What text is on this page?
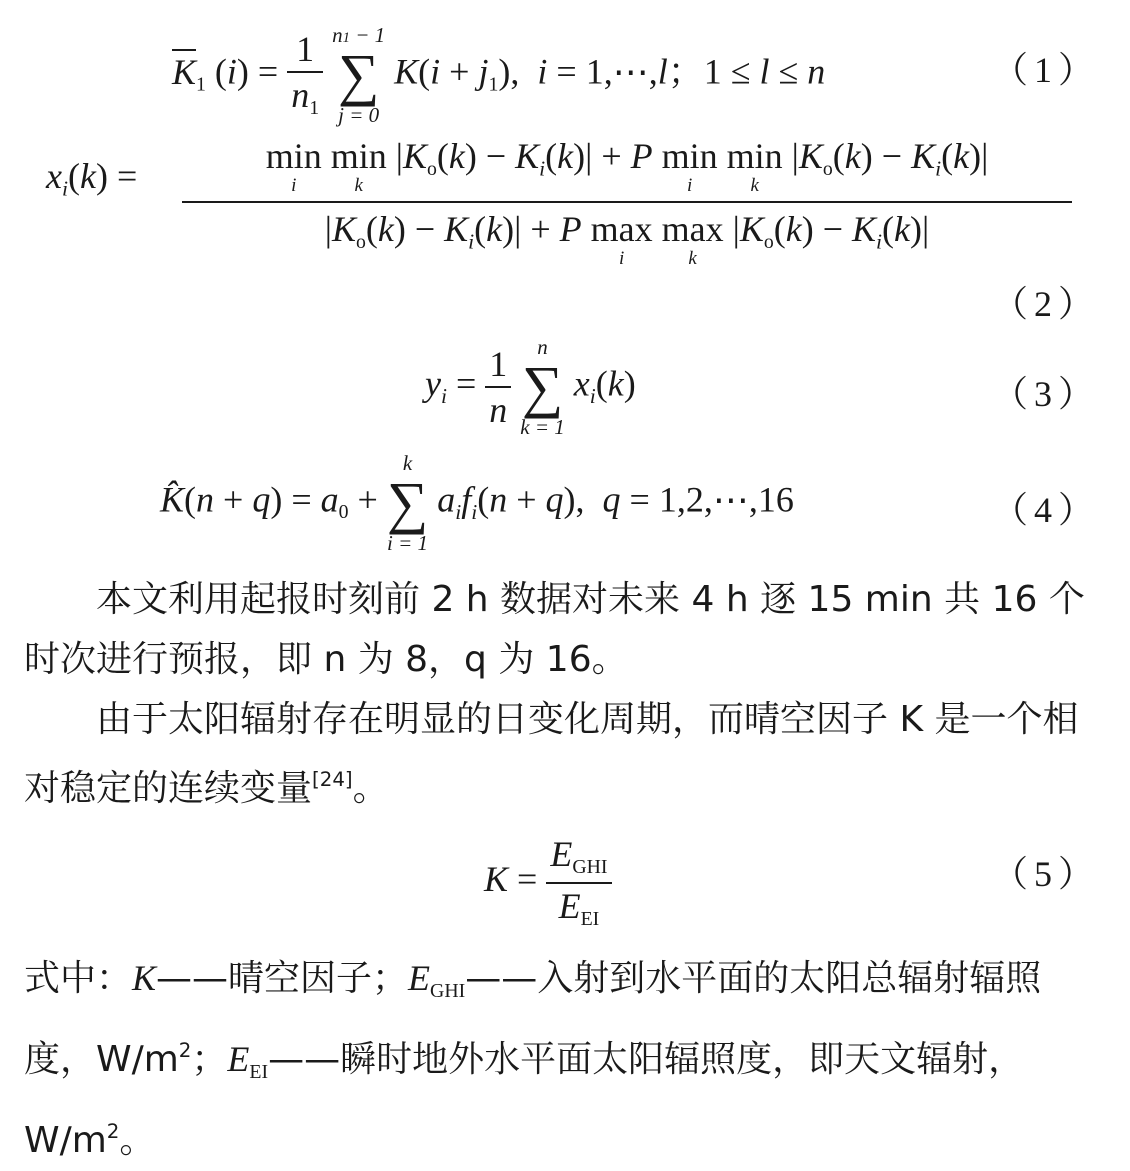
$K_1$ $(i) = \frac{1}{n_1}$
n1 − 1
∑
j = 0
$K(i + j_1)$,  i = 1,⋯,l；1 ≤ l ≤ n	（1）
$x_i(k)$ =	min
i
min
k
$|K_o(k) - K_i(k)| + P$ min
i
min
k
$|K_o(k) - K_i(k)|$
$|K_o(k) - K_i(k)| + P$ max
i
max
k
$|K_o(k) - K_i(k)|$
（2）
$y_i = \frac{1}{n}$
n
∑
k = 1
$x_i(k)$	（3）
K̂(n + $q) = a_0$ +
k
∑
i = 1
$a_if_i(n + q)$,  q = 1,2,⋯,16	（4）

本文利用起报时刻前 2 h 数据对未来 4 h 逐 15 min 共 16 个时次进行预报，即 n 为 8，q 为 16。

由于太阳辐射存在明显的日变化周期，而晴空因子 K 是一个相对稳定的连续变量[24]。

$K = \frac{E_{GHI}}{E_{EI}}$	（5）

式中：K——晴空因子；$E_{GHI}——$入射到水平面的太阳总辐射辐照度，$W/m^2$；$E_{EI}——$瞬时地外水平面太阳辐照度，即天文辐射，$W/m^2$。
